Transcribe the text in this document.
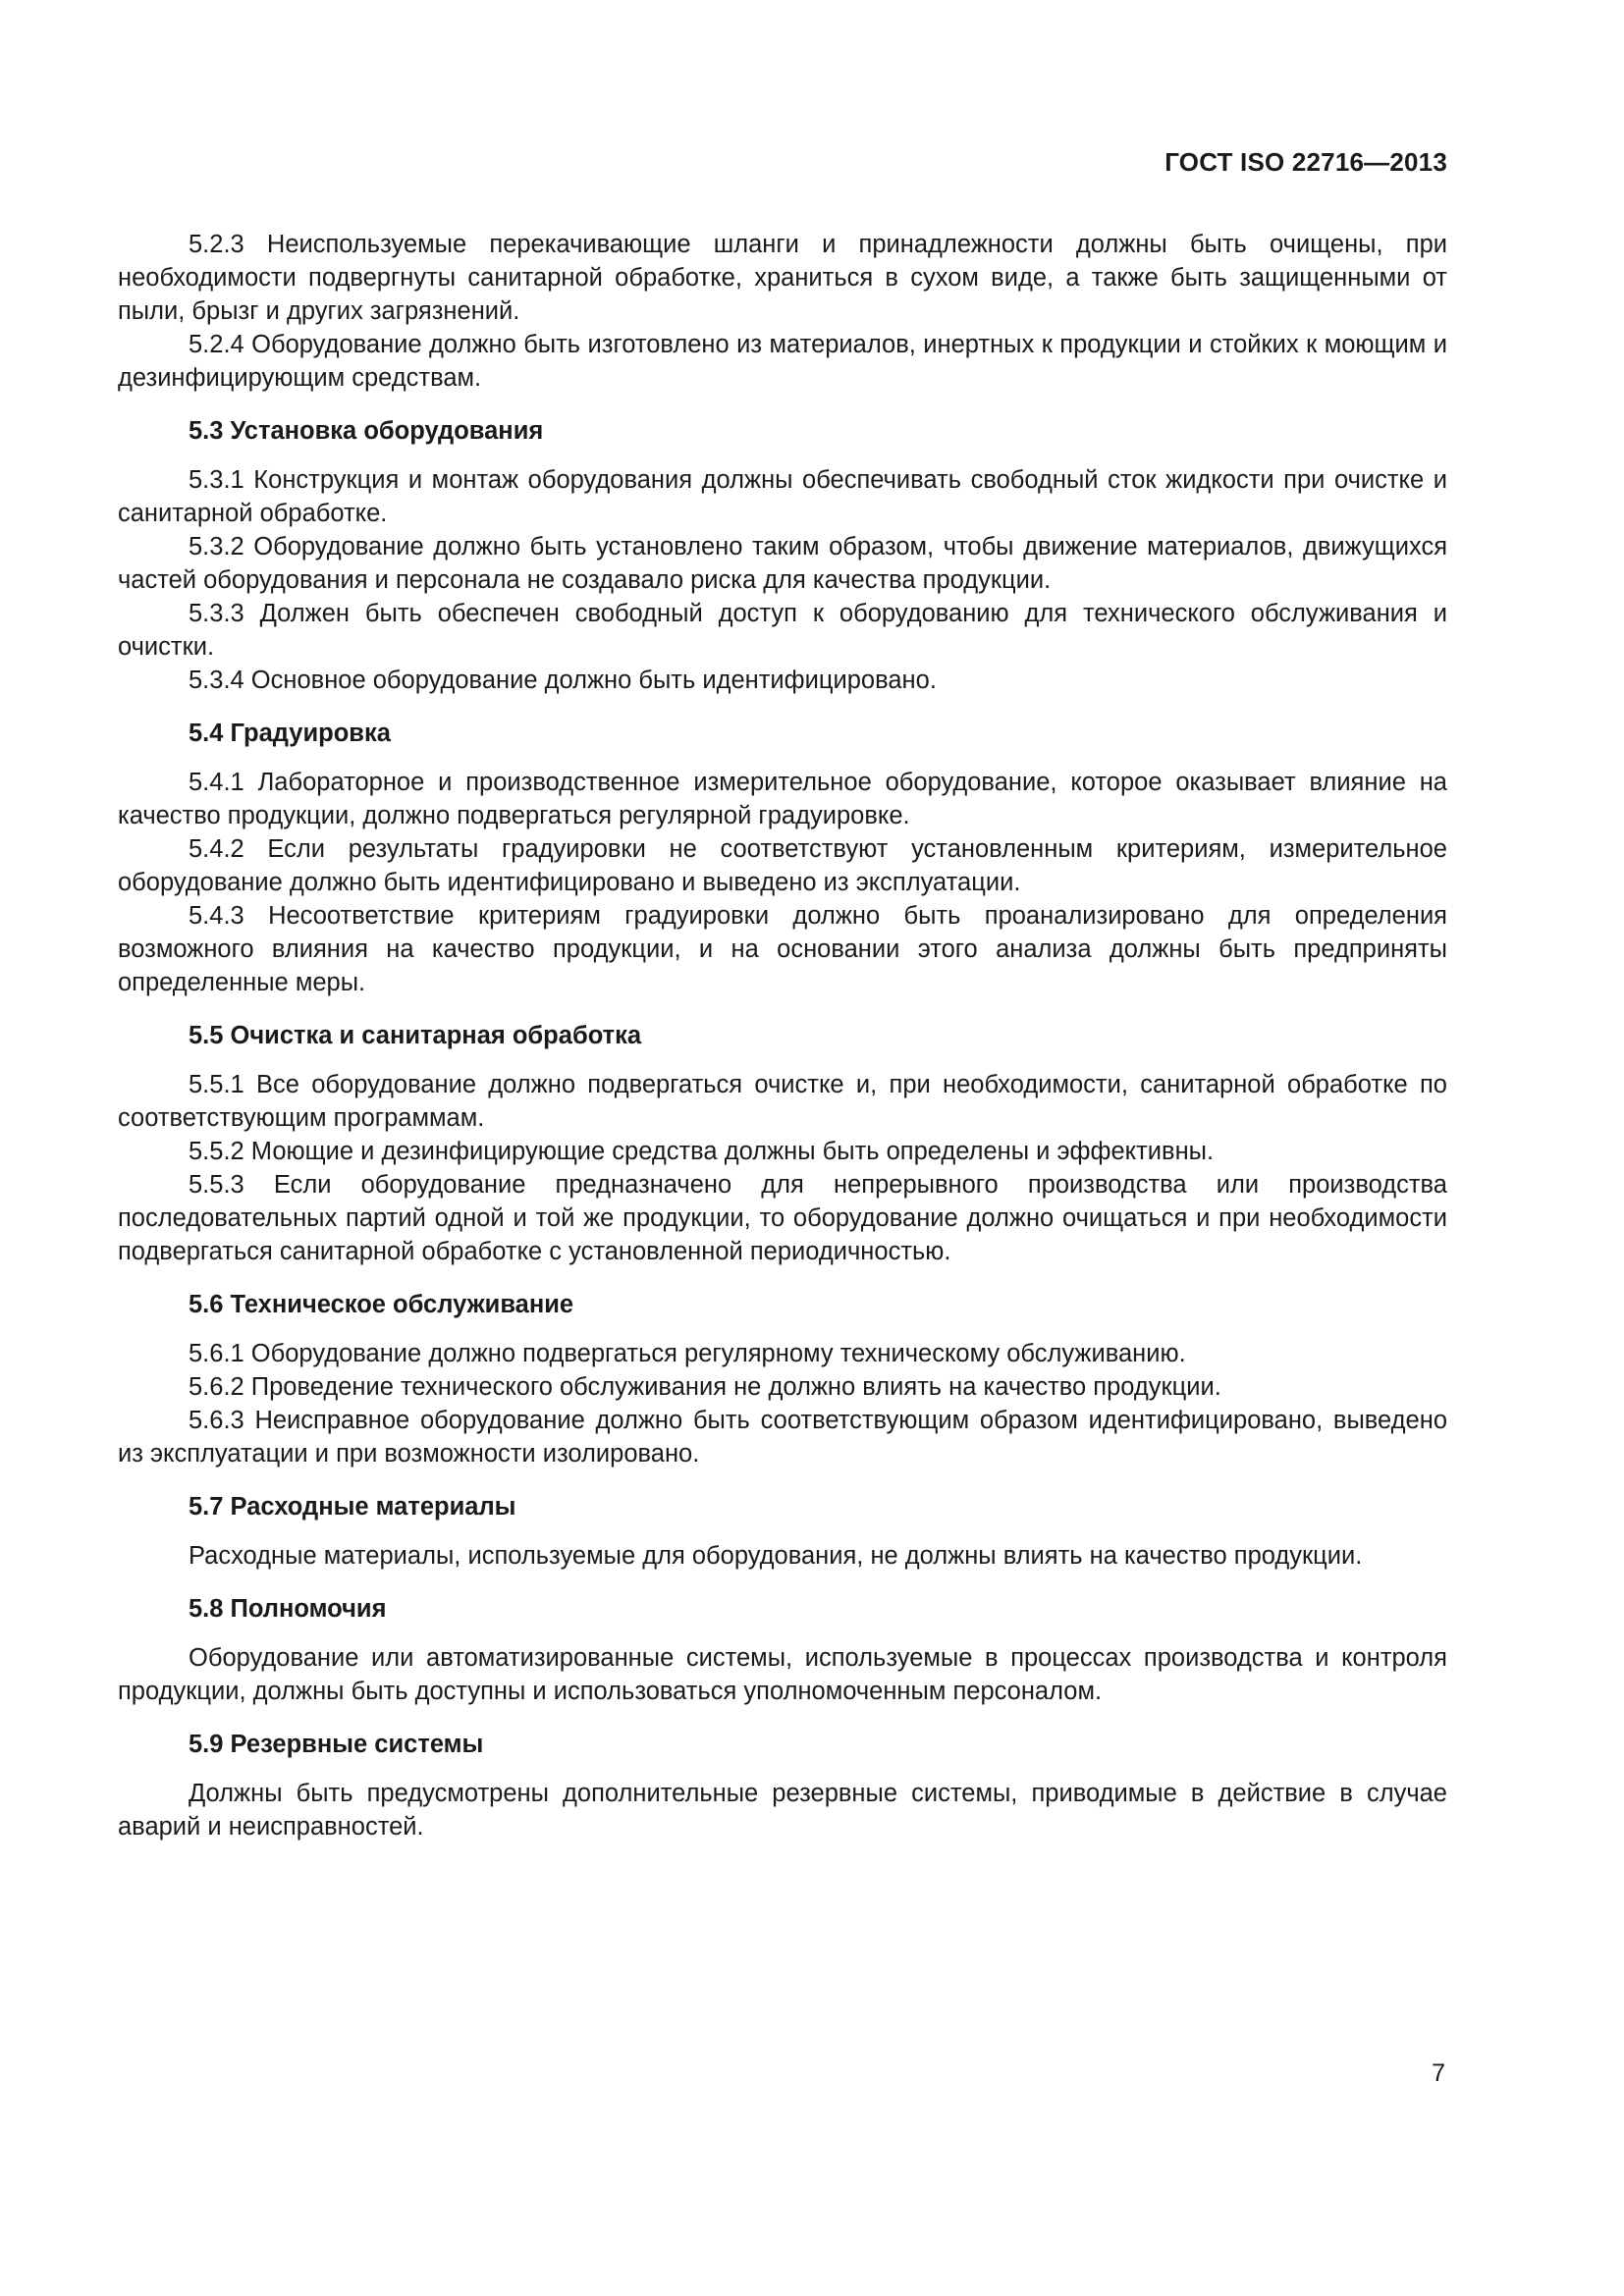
ГОСТ ISO 22716—2013

5.2.3 Неиспользуемые перекачивающие шланги и принадлежности должны быть очищены, при необходимости подвергнуты санитарной обработке, храниться в сухом виде, а также быть защищенными от пыли, брызг и других загрязнений.

5.2.4 Оборудование должно быть изготовлено из материалов, инертных к продукции и стойких к моющим и дезинфицирующим средствам.

5.3 Установка оборудования

5.3.1 Конструкция и монтаж оборудования должны обеспечивать свободный сток жидкости при очистке и санитарной обработке.

5.3.2 Оборудование должно быть установлено таким образом, чтобы движение материалов, движущихся частей оборудования и персонала не создавало риска для качества продукции.

5.3.3 Должен быть обеспечен свободный доступ к оборудованию для технического обслуживания и очистки.

5.3.4 Основное оборудование должно быть идентифицировано.

5.4 Градуировка

5.4.1 Лабораторное и производственное измерительное оборудование, которое оказывает влияние на качество продукции, должно подвергаться регулярной градуировке.

5.4.2 Если результаты градуировки не соответствуют установленным критериям, измерительное оборудование должно быть идентифицировано и выведено из эксплуатации.

5.4.3 Несоответствие критериям градуировки должно быть проанализировано для определения возможного влияния на качество продукции, и на основании этого анализа должны быть предприняты определенные меры.

5.5 Очистка и санитарная обработка

5.5.1 Все оборудование должно подвергаться очистке и, при необходимости, санитарной обработке по соответствующим программам.

5.5.2 Моющие и дезинфицирующие средства должны быть определены и эффективны.

5.5.3 Если оборудование предназначено для непрерывного производства или производства последовательных партий одной и той же продукции, то оборудование должно очищаться и при необходимости подвергаться санитарной обработке с установленной периодичностью.

5.6 Техническое обслуживание

5.6.1 Оборудование должно подвергаться регулярному техническому обслуживанию.

5.6.2 Проведение технического обслуживания не должно влиять на качество продукции.

5.6.3 Неисправное оборудование должно быть соответствующим образом идентифицировано, выведено из эксплуатации и при возможности изолировано.

5.7 Расходные материалы

Расходные материалы, используемые для оборудования, не должны влиять на качество продукции.

5.8 Полномочия

Оборудование или автоматизированные системы, используемые в процессах производства и контроля продукции, должны быть доступны и использоваться уполномоченным персоналом.

5.9 Резервные системы

Должны быть предусмотрены дополнительные резервные системы, приводимые в действие в случае аварий и неисправностей.

7
